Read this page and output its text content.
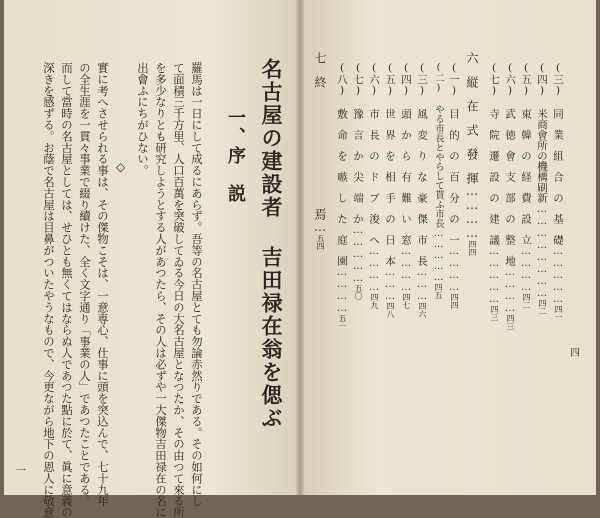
名古屋の建設者 吉田禄在翁を偲ぶ
一、序　説
羅馬は一日にして成るにあらず。吾等の名古屋とても勿論赤然りである。その如何にし
て面積三千方里、人口百萬を突破してゐる今日の大名古屋となつたか、その由つて來る所
を多少なりとも研究しようとする人があつたら、その人は必ずや一大傑物吉田禄在の名に
出會ふにちがひない。
◇
實に考へさせられる事は、その傑物こそは、一意専心、仕事に頭を突込んで、七十九年
の全生涯を一貫々事業で綴り續けた、全く文字通り「事業の人」であつたことである。
而して當時の名古屋としては、せひとも無くてはならぬ人であつた點に於て、眞に意義の
深きを感ずる。お蔭で名古屋は目鼻がついたやうなもので、今更ながら地下の恩人に敬意
一
四
(三) 同　業　組　合　の　基　礎……………四一
(四) 米商會所の機構刷新……………………四二
(五) 東　韓　の　経　費　設　立…………四二
(六) 武　徳　會　支　部　の　整　地…………四三
(七) 寺　院　遷　設　の　建　議……………四三
六　縦　在　式　發　揮…………四四
(一) 目　的　の　百　分　の　一…………四四
(二) やる市長とやらして貰ふ市長……………四五
(三) 風　変　り　な　豪　傑　市　長………四六
(四) 頭　か　ら　有　難　い　窓…………四七
(五) 世　界　を　相　手　の　日　本………四八
(六) 市　長　の　ド　ブ　浚　へ…………四九
(七) 豫　言　か　尖　端　か……………五〇
(八) 敷　命　を　嗾　し　た　庭　園…………五一
七　終　　　　　　　　　　焉…五四
